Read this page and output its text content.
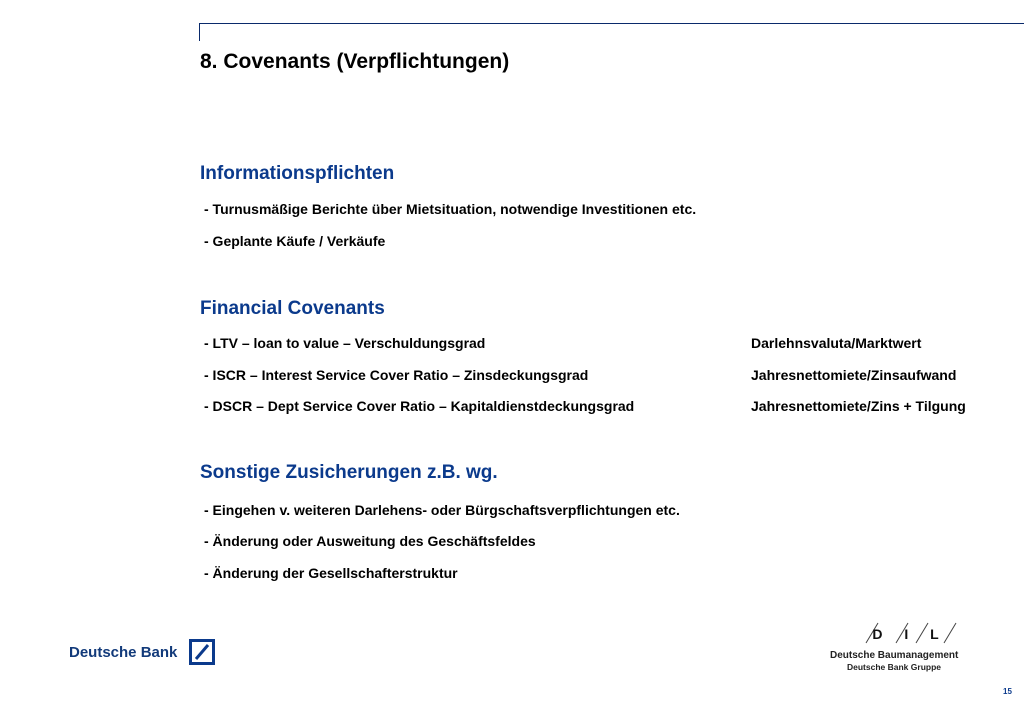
8. Covenants (Verpflichtungen)
Informationspflichten
- Turnusmäßige Berichte über Mietsituation, notwendige Investitionen etc.
- Geplante Käufe / Verkäufe
Financial Covenants
- LTV – loan to value – Verschuldungsgrad	Darlehnsvaluta/Marktwert
- ISCR – Interest Service Cover Ratio – Zinsdeckungsgrad	Jahresnettomiete/Zinsaufwand
- DSCR – Dept Service Cover Ratio – Kapitaldienstdeckungsgrad	Jahresnettomiete/Zins + Tilgung
Sonstige Zusicherungen z.B. wg.
- Eingehen v. weiteren Darlehens- oder Bürgschaftsverpflichtungen etc.
- Änderung oder Ausweitung des Geschäftsfeldes
- Änderung der Gesellschafterstruktur
Deutsche Bank
D I L
Deutsche Baumanagement
Deutsche Bank Gruppe
15
